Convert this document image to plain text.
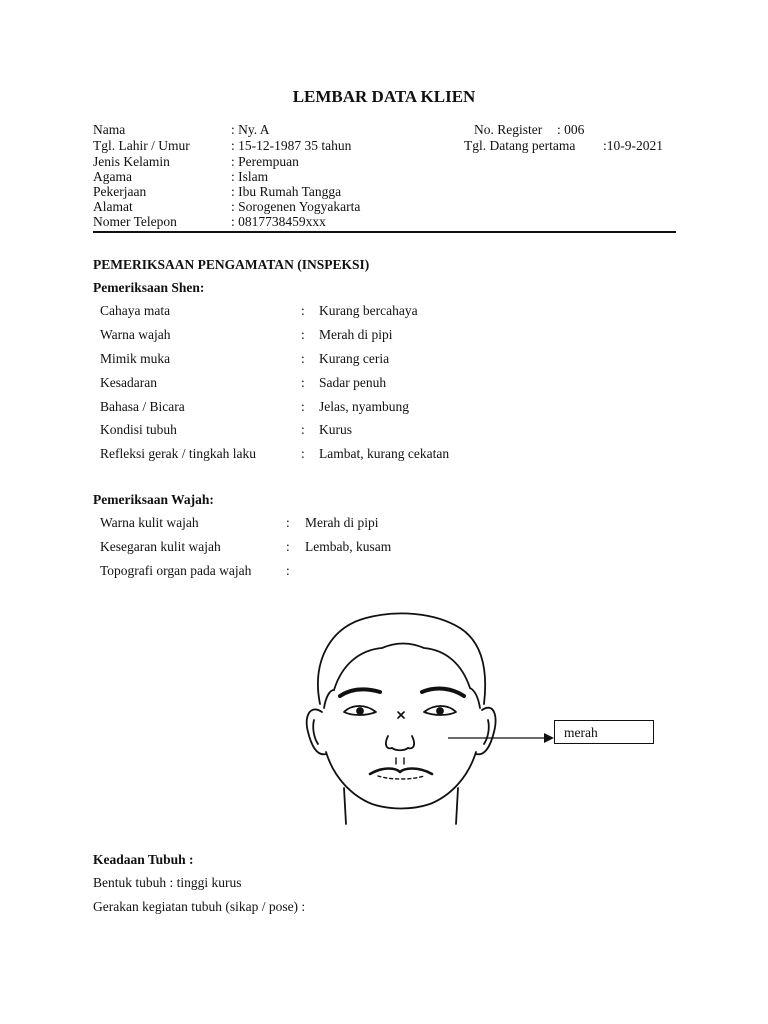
LEMBAR DATA KLIEN
Nama	: Ny. A
Tgl. Lahir / Umur	: 15-12-1987 35 tahun
Jenis Kelamin	: Perempuan
Agama	: Islam
Pekerjaan	: Ibu Rumah Tangga
Alamat	: Sorogenen Yogyakarta
Nomer Telepon	: 0817738459xxx
No. Register : 006
Tgl. Datang pertama :10-9-2021
PEMERIKSAAN PENGAMATAN (INSPEKSI)
Pemeriksaan Shen:
Cahaya mata	: Kurang bercahaya
Warna wajah	: Merah di pipi
Mimik muka	: Kurang ceria
Kesadaran	: Sadar penuh
Bahasa / Bicara	: Jelas, nyambung
Kondisi tubuh	: Kurus
Refleksi gerak / tingkah laku	: Lambat, kurang cekatan
Pemeriksaan Wajah:
Warna kulit wajah	: Merah di pipi
Kesegaran kulit wajah	: Lembab, kusam
Topografi organ pada wajah	:
merah
Keadaan Tubuh :
Bentuk tubuh : tinggi kurus
Gerakan kegiatan tubuh (sikap / pose) :
